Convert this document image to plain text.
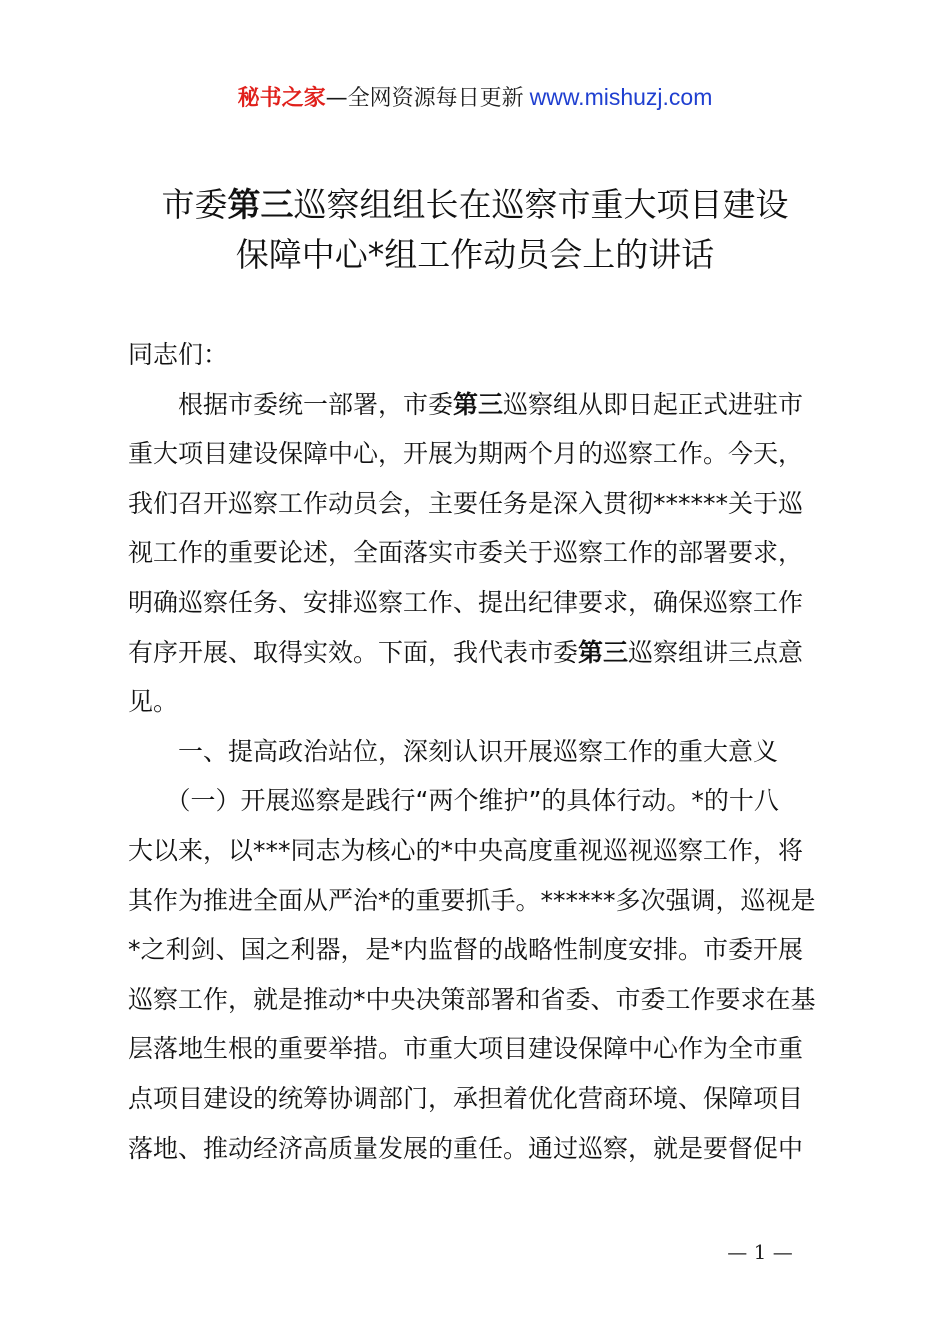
秘书之家—全网资源每日更新 www.mishuzj.com
市委第三巡察组组长在巡察市重大项目建设
保障中心*组工作动员会上的讲话
同志们：
　　根据市委统一部署，市委第三巡察组从即日起正式进驻市
重大项目建设保障中心，开展为期两个月的巡察工作。今天，
我们召开巡察工作动员会，主要任务是深入贯彻******关于巡
视工作的重要论述，全面落实市委关于巡察工作的部署要求，
明确巡察任务、安排巡察工作、提出纪律要求，确保巡察工作
有序开展、取得实效。下面，我代表市委第三巡察组讲三点意
见。
　　一、提高政治站位，深刻认识开展巡察工作的重大意义
　　（一）开展巡察是践行“两个维护”的具体行动。*的十八
大以来，以***同志为核心的*中央高度重视巡视巡察工作，将
其作为推进全面从严治*的重要抓手。******多次强调，巡视是
*之利剑、国之利器，是*内监督的战略性制度安排。市委开展
巡察工作，就是推动*中央决策部署和省委、市委工作要求在基
层落地生根的重要举措。市重大项目建设保障中心作为全市重
点项目建设的统筹协调部门，承担着优化营商环境、保障项目
落地、推动经济高质量发展的重任。通过巡察，就是要督促中
— 1 —
